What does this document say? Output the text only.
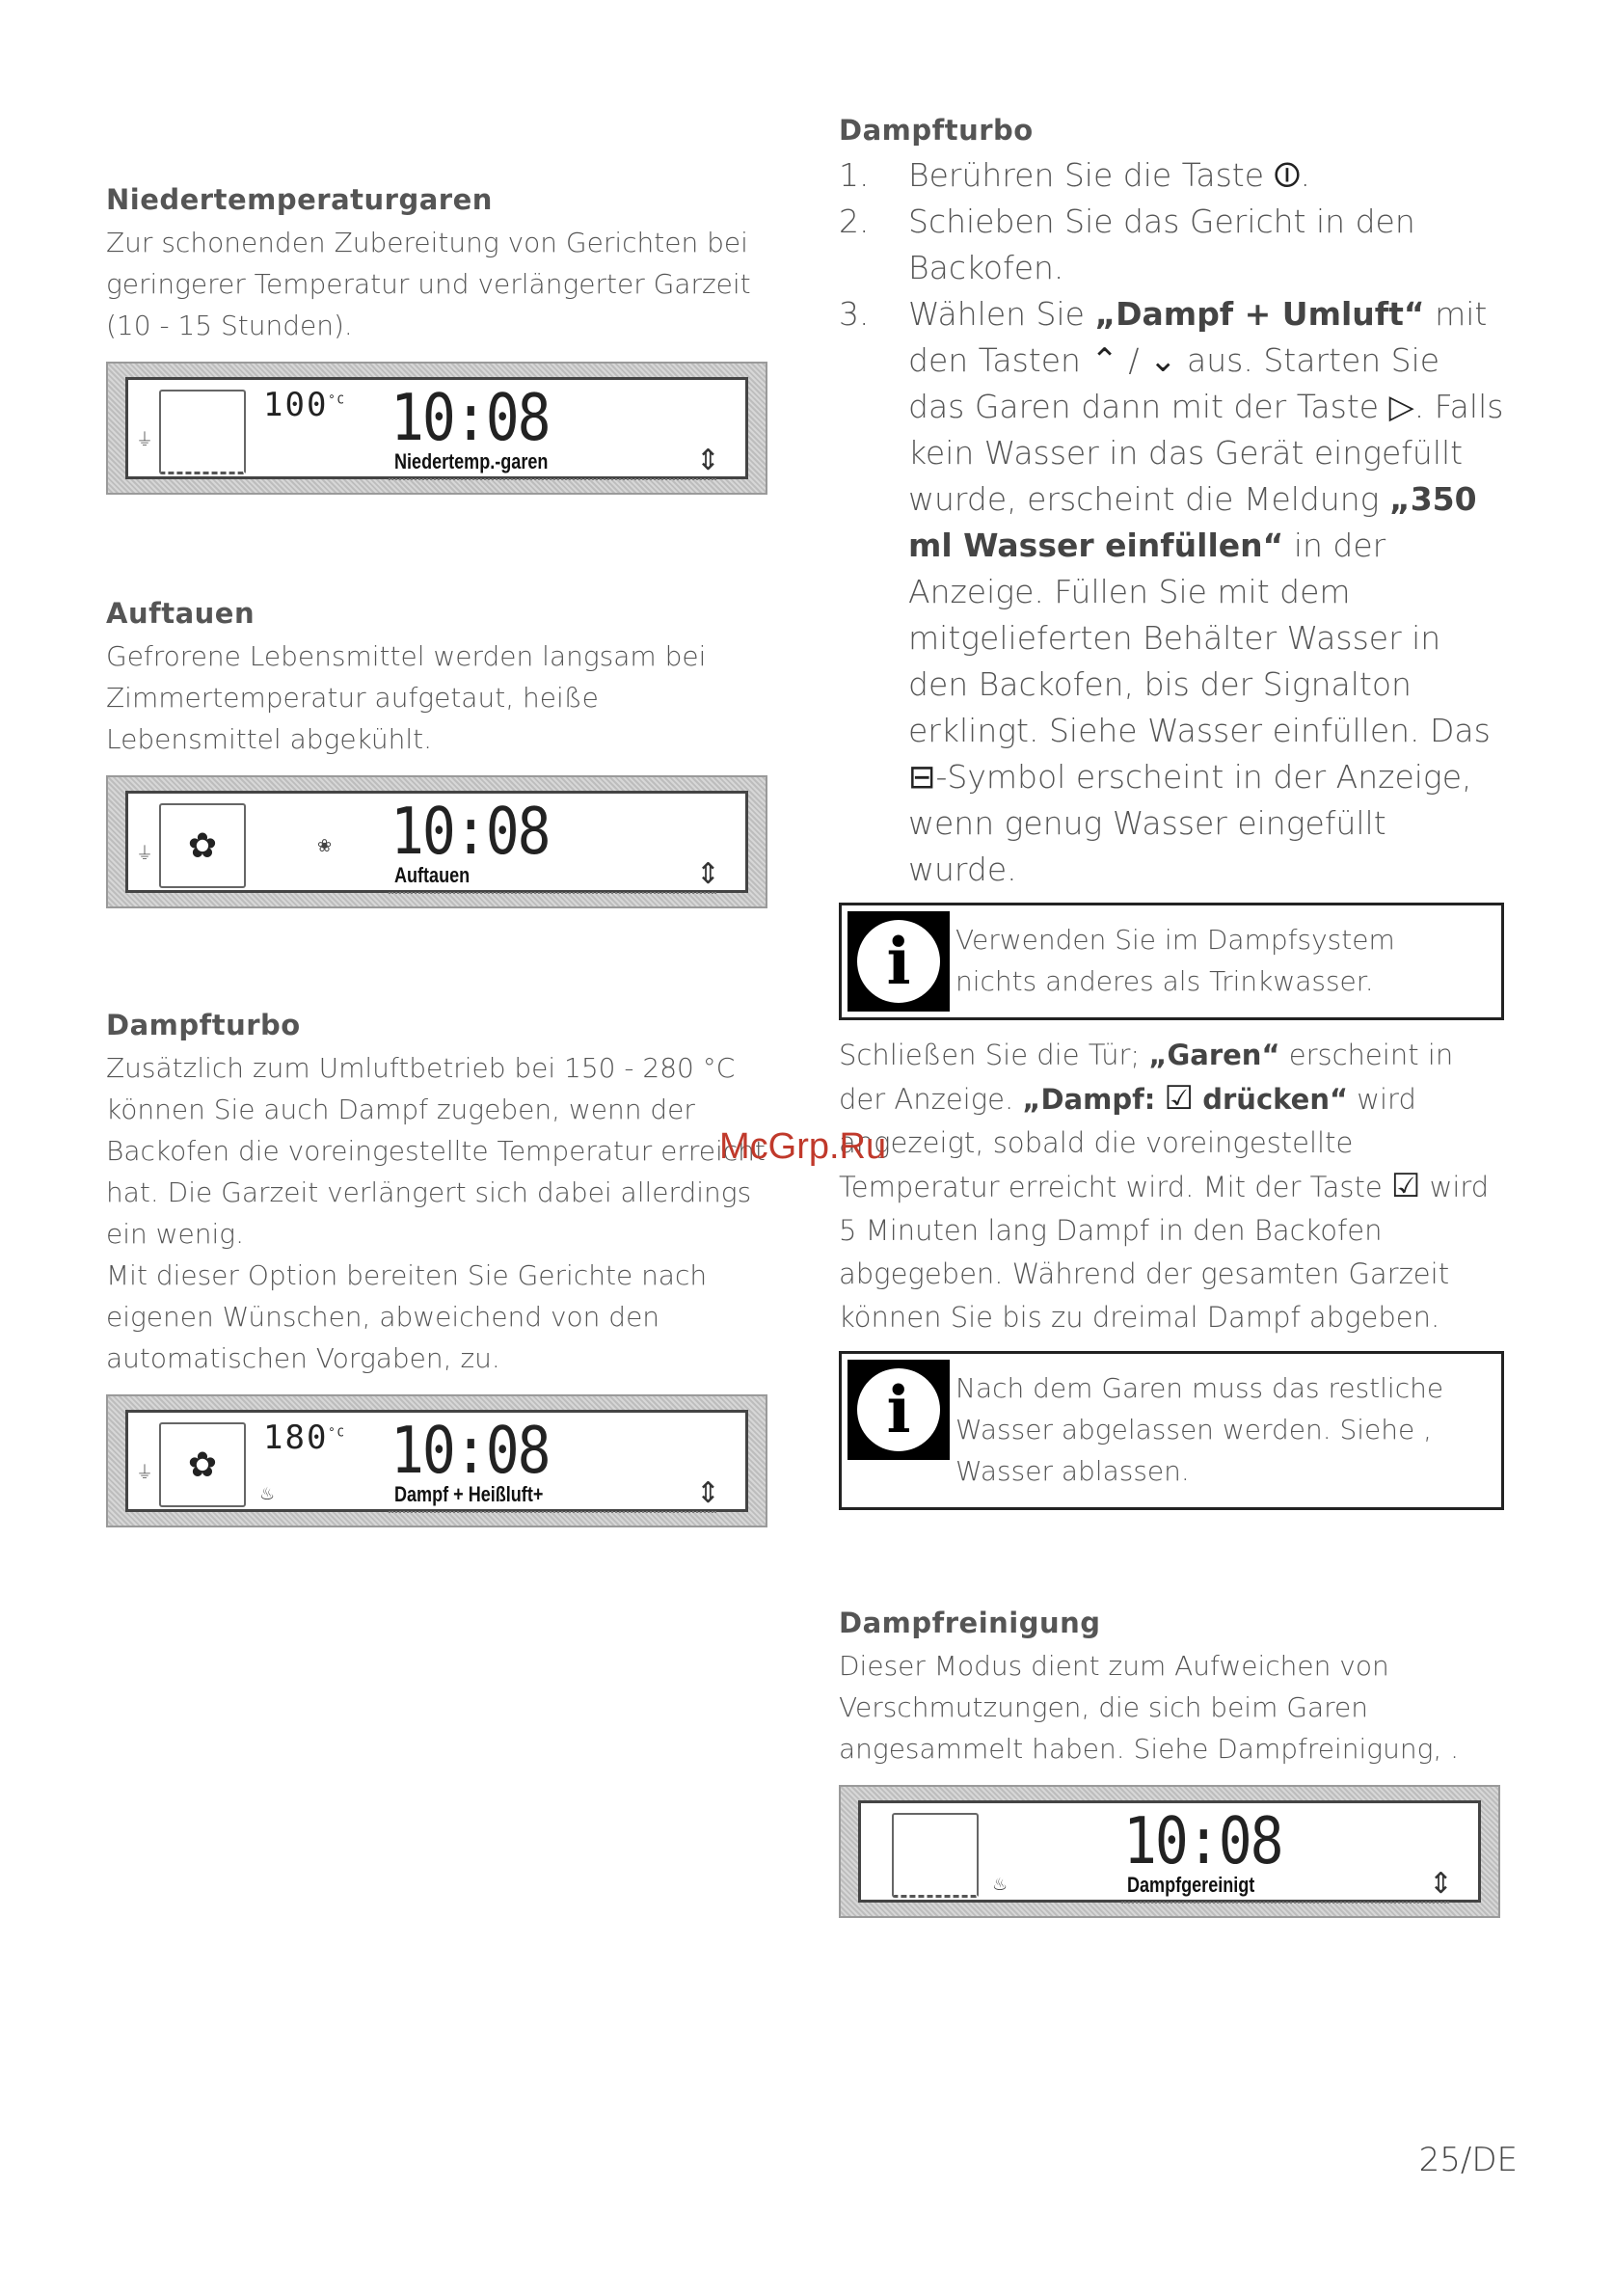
Niedertemperaturgaren

Zur schonenden Zubereitung von Gerichten bei geringerer Temperatur und verlängerter Garzeit (10 - 15 Stunden).

⏚
$100^{^\circ C}$ 10:08
Niedertemp.-garen	⇕
Auftauen

Gefrorene Lebensmittel werden langsam bei Zimmertemperatur aufgetaut, heiße Lebensmittel abgekühlt.

⏚ ✿	❀ 10:08
Auftauen	⇕
Dampfturbo

Zusätzlich zum Umluftbetrieb bei 150 - 280 °C können Sie auch Dampf zugeben, wenn der Backofen die voreingestellte Temperatur erreicht hat. Die Garzeit verlängert sich dabei allerdings ein wenig.

Mit dieser Option bereiten Sie Gerichte nach eigenen Wünschen, abweichend von den automatischen Vorgaben, zu.

⏚ ✿
$180^{^\circ C}$
♨
10:08
Dampf + Heißluft+	⇕
Dampfturbo
1. Berühren Sie die Taste ⏼.
2. Schieben Sie das Gericht in den Backofen.
3. Wählen Sie „Dampf + Umluft“ mit den Tasten ⌃ / ⌄ aus. Starten Sie das Garen dann mit der Taste ▷. Falls kein Wasser in das Gerät eingefüllt wurde, erscheint die Meldung „350 ml Wasser einfüllen“ in der Anzeige. Füllen Sie mit dem mitgelieferten Behälter Wasser in den Backofen, bis der Signalton erklingt. Siehe Wasser einfüllen. Das ⊟-Symbol erscheint in der Anzeige, wenn genug Wasser eingefüllt wurde.
i	Verwenden Sie im Dampfsystem nichts anderes als Trinkwasser.

Schließen Sie die Tür; „Garen“ erscheint in der Anzeige. „Dampf: ☑ drücken“ wird angezeigt, sobald die voreingestellte Temperatur erreicht wird. Mit der Taste ☑ wird 5 Minuten lang Dampf in den Backofen abgegeben. Während der gesamten Garzeit können Sie bis zu dreimal Dampf abgeben.

i	Nach dem Garen muss das restliche Wasser abgelassen werden. Siehe , Wasser ablassen.
Dampfreinigung

Dieser Modus dient zum Aufweichen von Verschmutzungen, die sich beim Garen angesammelt haben. Siehe Dampfreinigung, .

♨
10:08
Dampfgereinigt	⇕
McGrp.Ru
25/DE
